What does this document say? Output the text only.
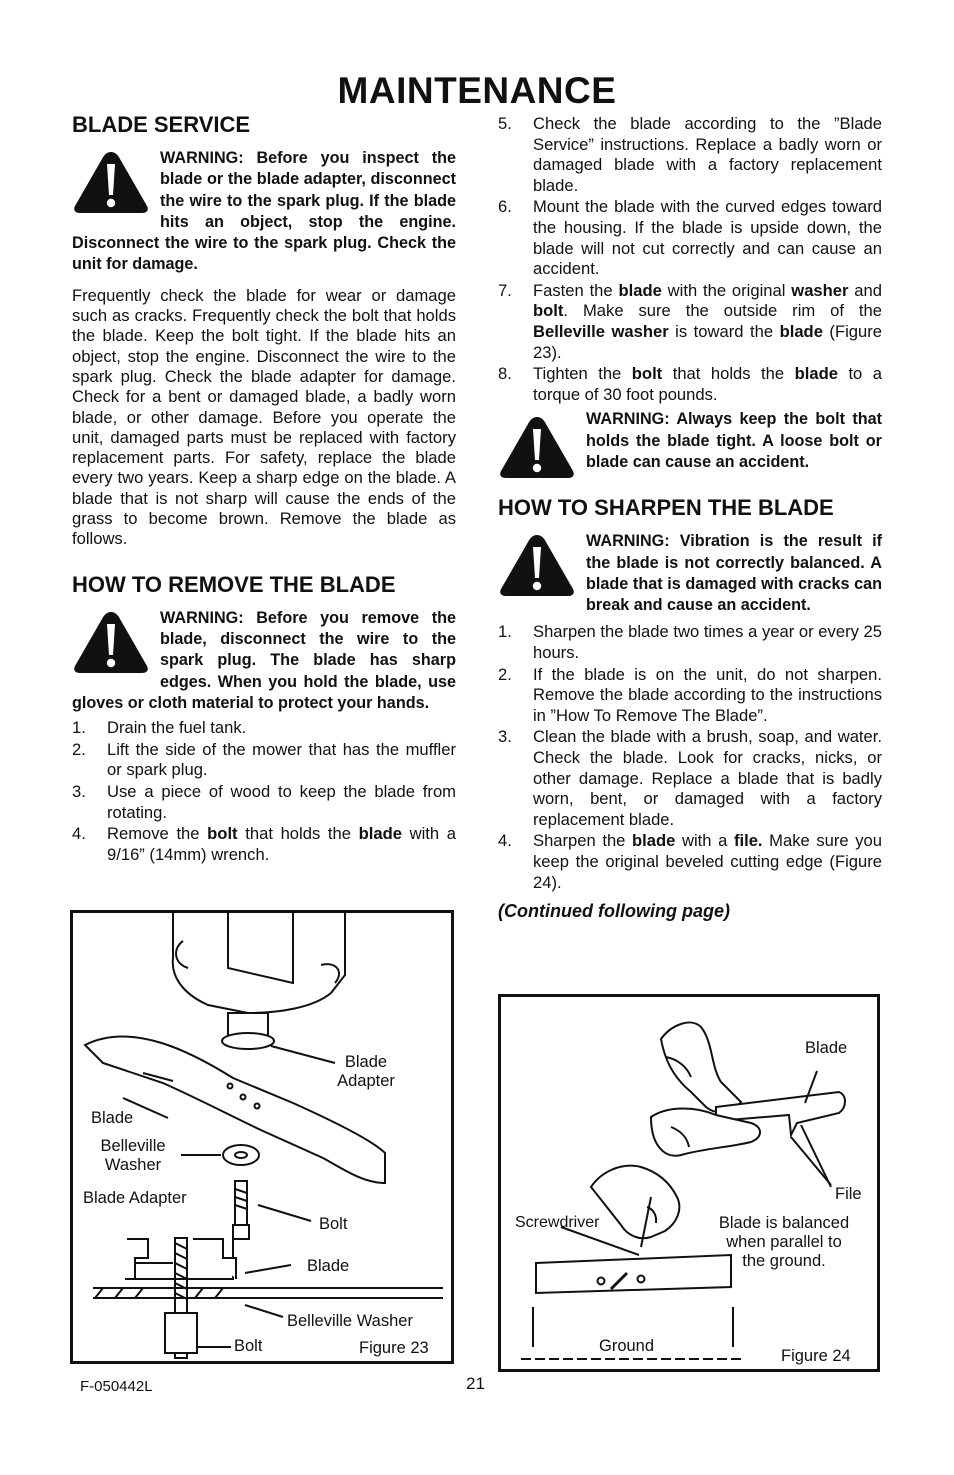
MAINTENANCE
BLADE SERVICE
WARNING: Before you inspect the blade or the blade adapter, disconnect the wire to the spark plug. If the blade hits an object, stop the engine. Disconnect the wire to the spark plug. Check the unit for damage.
Frequently check the blade for wear or damage such as cracks. Frequently check the bolt that holds the blade. Keep the bolt tight. If the blade hits an object, stop the engine. Disconnect the wire to the spark plug. Check the blade adapter for damage. Check for a bent or damaged blade, a badly worn blade, or other damage. Before you operate the unit, damaged parts must be replaced with factory replacement parts. For safety, replace the blade every two years. Keep a sharp edge on the blade. A blade that is not sharp will cause the ends of the grass to become brown. Remove the blade as follows.
HOW TO REMOVE THE BLADE
WARNING: Before you remove the blade, disconnect the wire to the spark plug. The blade has sharp edges. When you hold the blade, use gloves or cloth material to protect your hands.
1. Drain the fuel tank.
2. Lift the side of the mower that has the muffler or spark plug.
3. Use a piece of wood to keep the blade from rotating.
4. Remove the bolt that holds the blade with a 9/16” (14mm) wrench.
Blade
Adapter
Blade
Belleville
Washer
Blade Adapter
Bolt
Blade
Belleville Washer
Bolt	Figure 23
5. Check the blade according to the ”Blade Service” instructions. Replace a badly worn or damaged blade with a factory replacement blade.
6. Mount the blade with the curved edges toward the housing. If the blade is upside down, the blade will not cut correctly and can cause an accident.
7. Fasten the blade with the original washer and bolt. Make sure the outside rim of the Belleville washer is toward the blade (Figure 23).
8. Tighten the bolt that holds the blade to a torque of 30 foot pounds.
WARNING: Always keep the bolt that holds the blade tight. A loose bolt or blade can cause an accident.
HOW TO SHARPEN THE BLADE
WARNING: Vibration is the result if the blade is not correctly balanced. A blade that is damaged with cracks can break and cause an accident.
1. Sharpen the blade two times a year or every 25 hours.
2. If the blade is on the unit, do not sharpen. Remove the blade according to the instructions in ”How To Remove The Blade”.
3. Clean the blade with a brush, soap, and water. Check the blade. Look for cracks, nicks, or other damage. Replace a blade that is badly worn, bent, or damaged with a factory replacement blade.
4. Sharpen the blade with a file. Make sure you keep the original beveled cutting edge (Figure 24).
(Continued following page)
Blade
File
Screwdriver	Blade is balanced
when parallel to
the ground.
Ground
Figure 24
F-050442L	21
